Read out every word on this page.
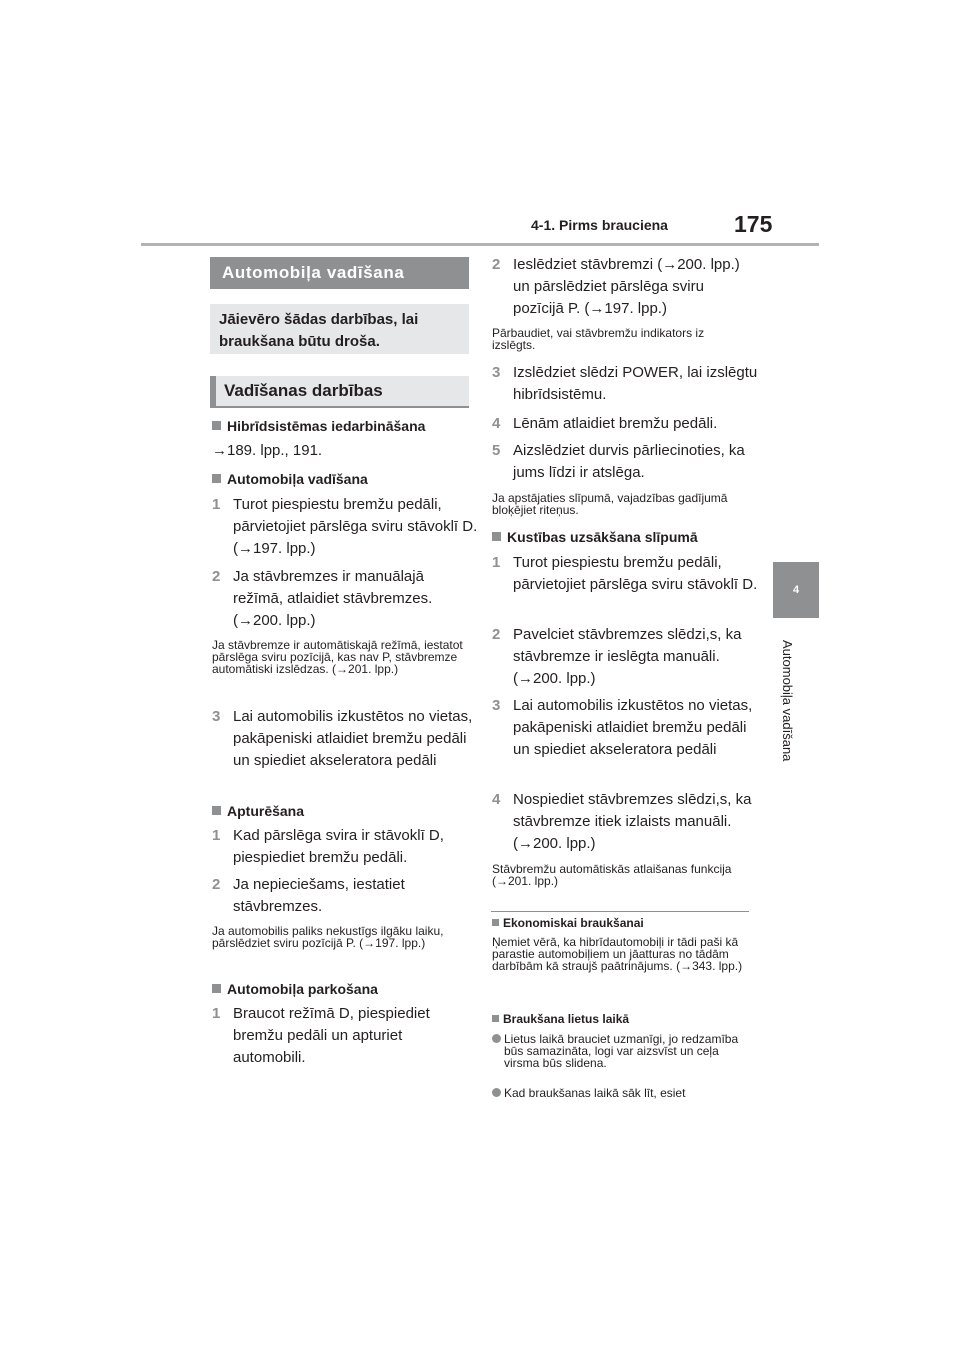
4-1. Pirms brauciena	175
4
Automobiļa vadīšana
Automobiļa vadīšana
Jāievēro šādas darbības, lai braukšana būtu droša.
Vadīšanas darbības
Hibrīdsistēmas iedarbināšana
→189. lpp., 191.
Automobiļa vadīšana
1 Turot piespiestu bremžu pedāli, pārvietojiet pārslēga sviru stāvoklī D. (→197. lpp.)
2 Ja stāvbremzes ir manuālajā režīmā, atlaidiet stāvbremzes. (→200. lpp.)
Ja stāvbremze ir automātiskajā režīmā, iestatot pārslēga sviru pozīcijā, kas nav P, stāvbremze automātiski izslēdzas. (→201. lpp.)
3 Lai automobilis izkustētos no vietas, pakāpeniski atlaidiet bremžu pedāli un spiediet akseleratora pedāli
Apturēšana
1 Kad pārslēga svira ir stāvoklī D, piespiediet bremžu pedāli.
2 Ja nepieciešams, iestatiet stāvbremzes.
Ja automobilis paliks nekustīgs ilgāku laiku, pārslēdziet sviru pozīcijā P. (→197. lpp.)
Automobiļa parkošana
1 Braucot režīmā D, piespiediet bremžu pedāli un apturiet automobili.
2 Ieslēdziet stāvbremzi (→200. lpp.) un pārslēdziet pārslēga sviru pozīcijā P. (→197. lpp.)
Pārbaudiet, vai stāvbremžu indikators iz izslēgts.
3 Izslēdziet slēdzi POWER, lai izslēgtu hibrīdsistēmu.
4 Lēnām atlaidiet bremžu pedāli.
5 Aizslēdziet durvis pārliecinoties, ka jums līdzi ir atslēga.
Ja apstājaties slīpumā, vajadzības gadījumā bloķējiet riteņus.
Kustības uzsākšana slīpumā
1 Turot piespiestu bremžu pedāli, pārvietojiet pārslēga sviru stāvoklī D.
2 Pavelciet stāvbremzes slēdzi,s, ka stāvbremze ir ieslēgta manuāli. (→200. lpp.)
3 Lai automobilis izkustētos no vietas, pakāpeniski atlaidiet bremžu pedāli un spiediet akseleratora pedāli
4 Nospiediet stāvbremzes slēdzi,s, ka stāvbremze itiek izlaists manuāli. (→200. lpp.)
Stāvbremžu automātiskās atlaišanas funkcija (→201. lpp.)
Ekonomiskai braukšanai
Ņemiet vērā, ka hibrīdautomobiļi ir tādi paši kā parastie automobiļiem un jāatturas no tādām darbībām kā straujš paātrinājums. (→343. lpp.)
Braukšana lietus laikā
Lietus laikā brauciet uzmanīgi, jo redzamība būs samazināta, logi var aizsvīst un ceļa virsma būs slidena.
Kad braukšanas laikā sāk līt, esiet
